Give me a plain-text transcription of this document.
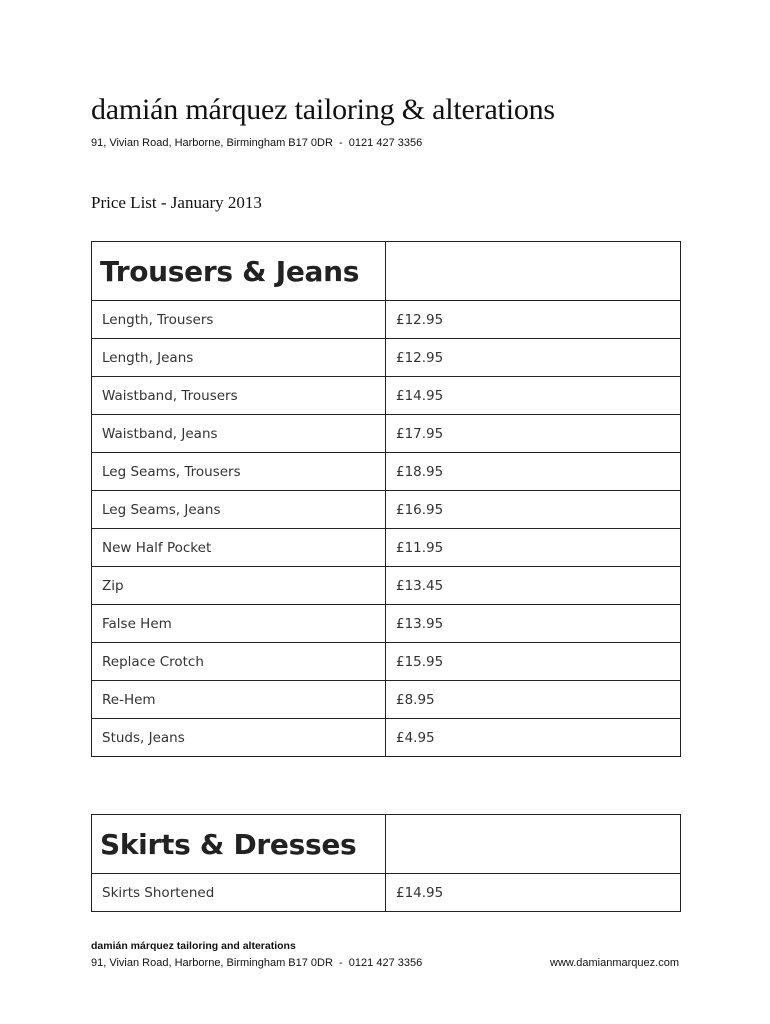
damián márquez tailoring & alterations
91, Vivian Road, Harborne, Birmingham B17 0DR  -  0121 427 3356
Price List - January 2013
Trousers & Jeans	
Length, Trousers	£12.95
Length, Jeans	£12.95
Waistband, Trousers	£14.95
Waistband, Jeans	£17.95
Leg Seams, Trousers	£18.95
Leg Seams, Jeans	£16.95
New Half Pocket	£11.95
Zip	£13.45
False Hem	£13.95
Replace Crotch	£15.95
Re-Hem	£8.95
Studs, Jeans	£4.95
Skirts & Dresses	
Skirts Shortened	£14.95
damián márquez tailoring and alterations
91, Vivian Road, Harborne, Birmingham B17 0DR  -  0121 427 3356	www.damianmarquez.com
